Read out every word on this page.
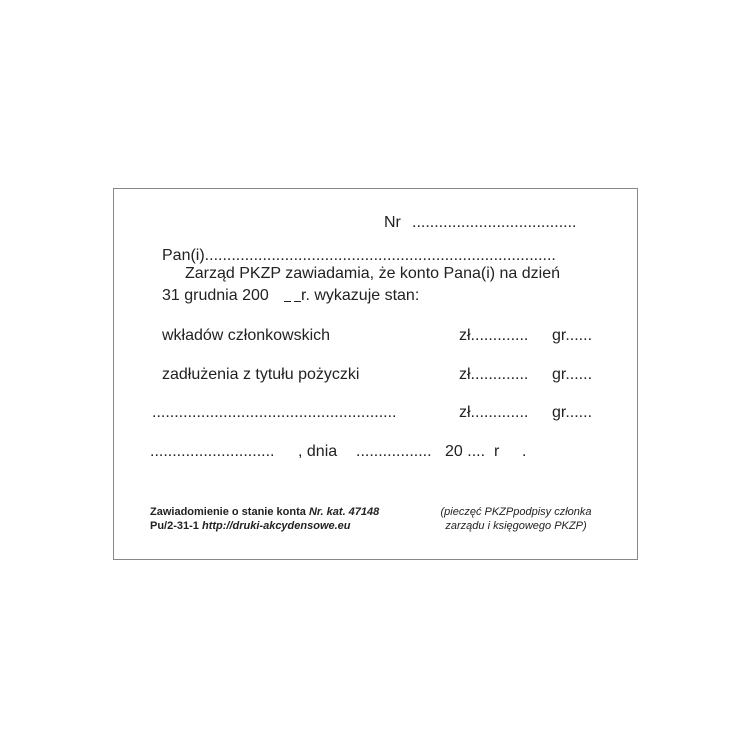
Nr .....................................
Pan(i)...............................................................................
Zarząd PKZP zawiadamia, że konto Pana(i) na dzień
31 grudnia 200 r. wykazuje stan:
wkładów członkowskich	zł............. gr......
zadłużenia z tytułu pożyczki	zł............. gr......
.......................................................	zł............. gr......
............................ , dnia ................. 20 .... r .
Zawiadomienie o stanie konta Nr. kat. 47148
Pu/2-31-1 http://druki-akcydensowe.eu
(pieczęć PKZPpodpisy członka
zarządu i księgowego PKZP)
